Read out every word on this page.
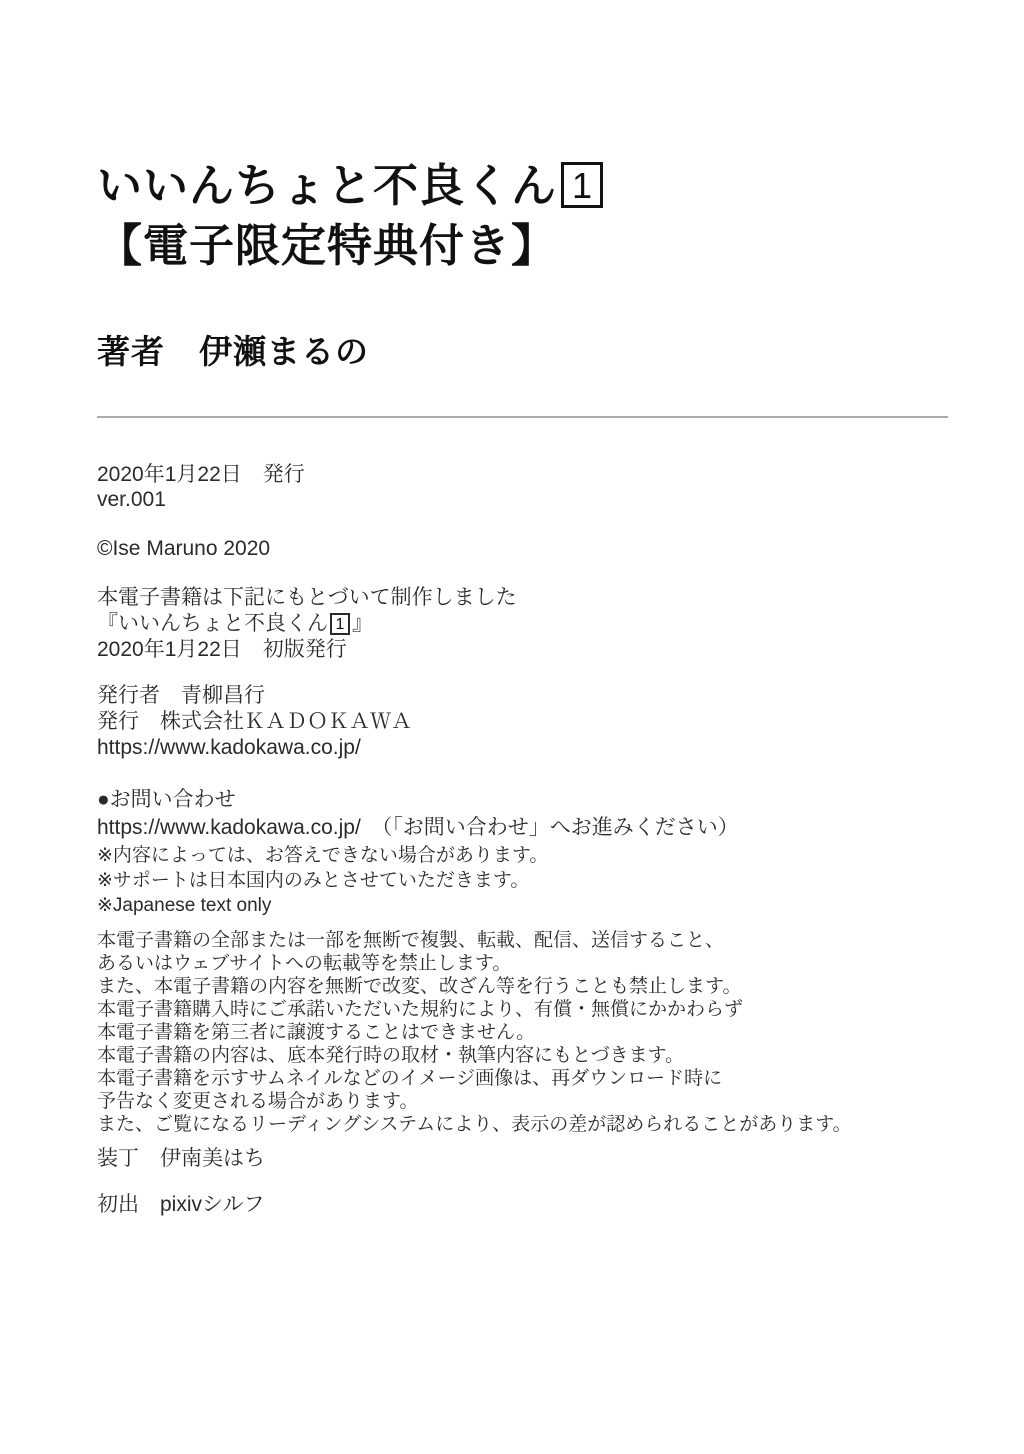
いいんちょと不良くん 1
【電子限定特典付き】
著者　伊瀬まるの
2020年1月22日　発行
ver.001
©Ise Maruno 2020
本電子書籍は下記にもとづいて制作しました
『いいんちょと不良くん 1 』
2020年1月22日　初版発行
発行者　青柳昌行
発行　株式会社ＫＡＤＯＫＡＷＡ
https://www.kadokawa.co.jp/
●お問い合わせ
https://www.kadokawa.co.jp/　（「お問い合わせ」へお進みください）
※内容によっては、お答えできない場合があります。
※サポートは日本国内のみとさせていただきます。
※Japanese text only
本電子書籍の全部または一部を無断で複製、転載、配信、送信すること、
あるいはウェブサイトへの転載等を禁止します。
また、本電子書籍の内容を無断で改変、改ざん等を行うことも禁止します。
本電子書籍購入時にご承諾いただいた規約により、有償・無償にかかわらず
本電子書籍を第三者に譲渡することはできません。
本電子書籍の内容は、底本発行時の取材・執筆内容にもとづきます。
本電子書籍を示すサムネイルなどのイメージ画像は、再ダウンロード時に
予告なく変更される場合があります。
また、ご覧になるリーディングシステムにより、表示の差が認められることがあります。
装丁　伊南美はち
初出　pixivシルフ
